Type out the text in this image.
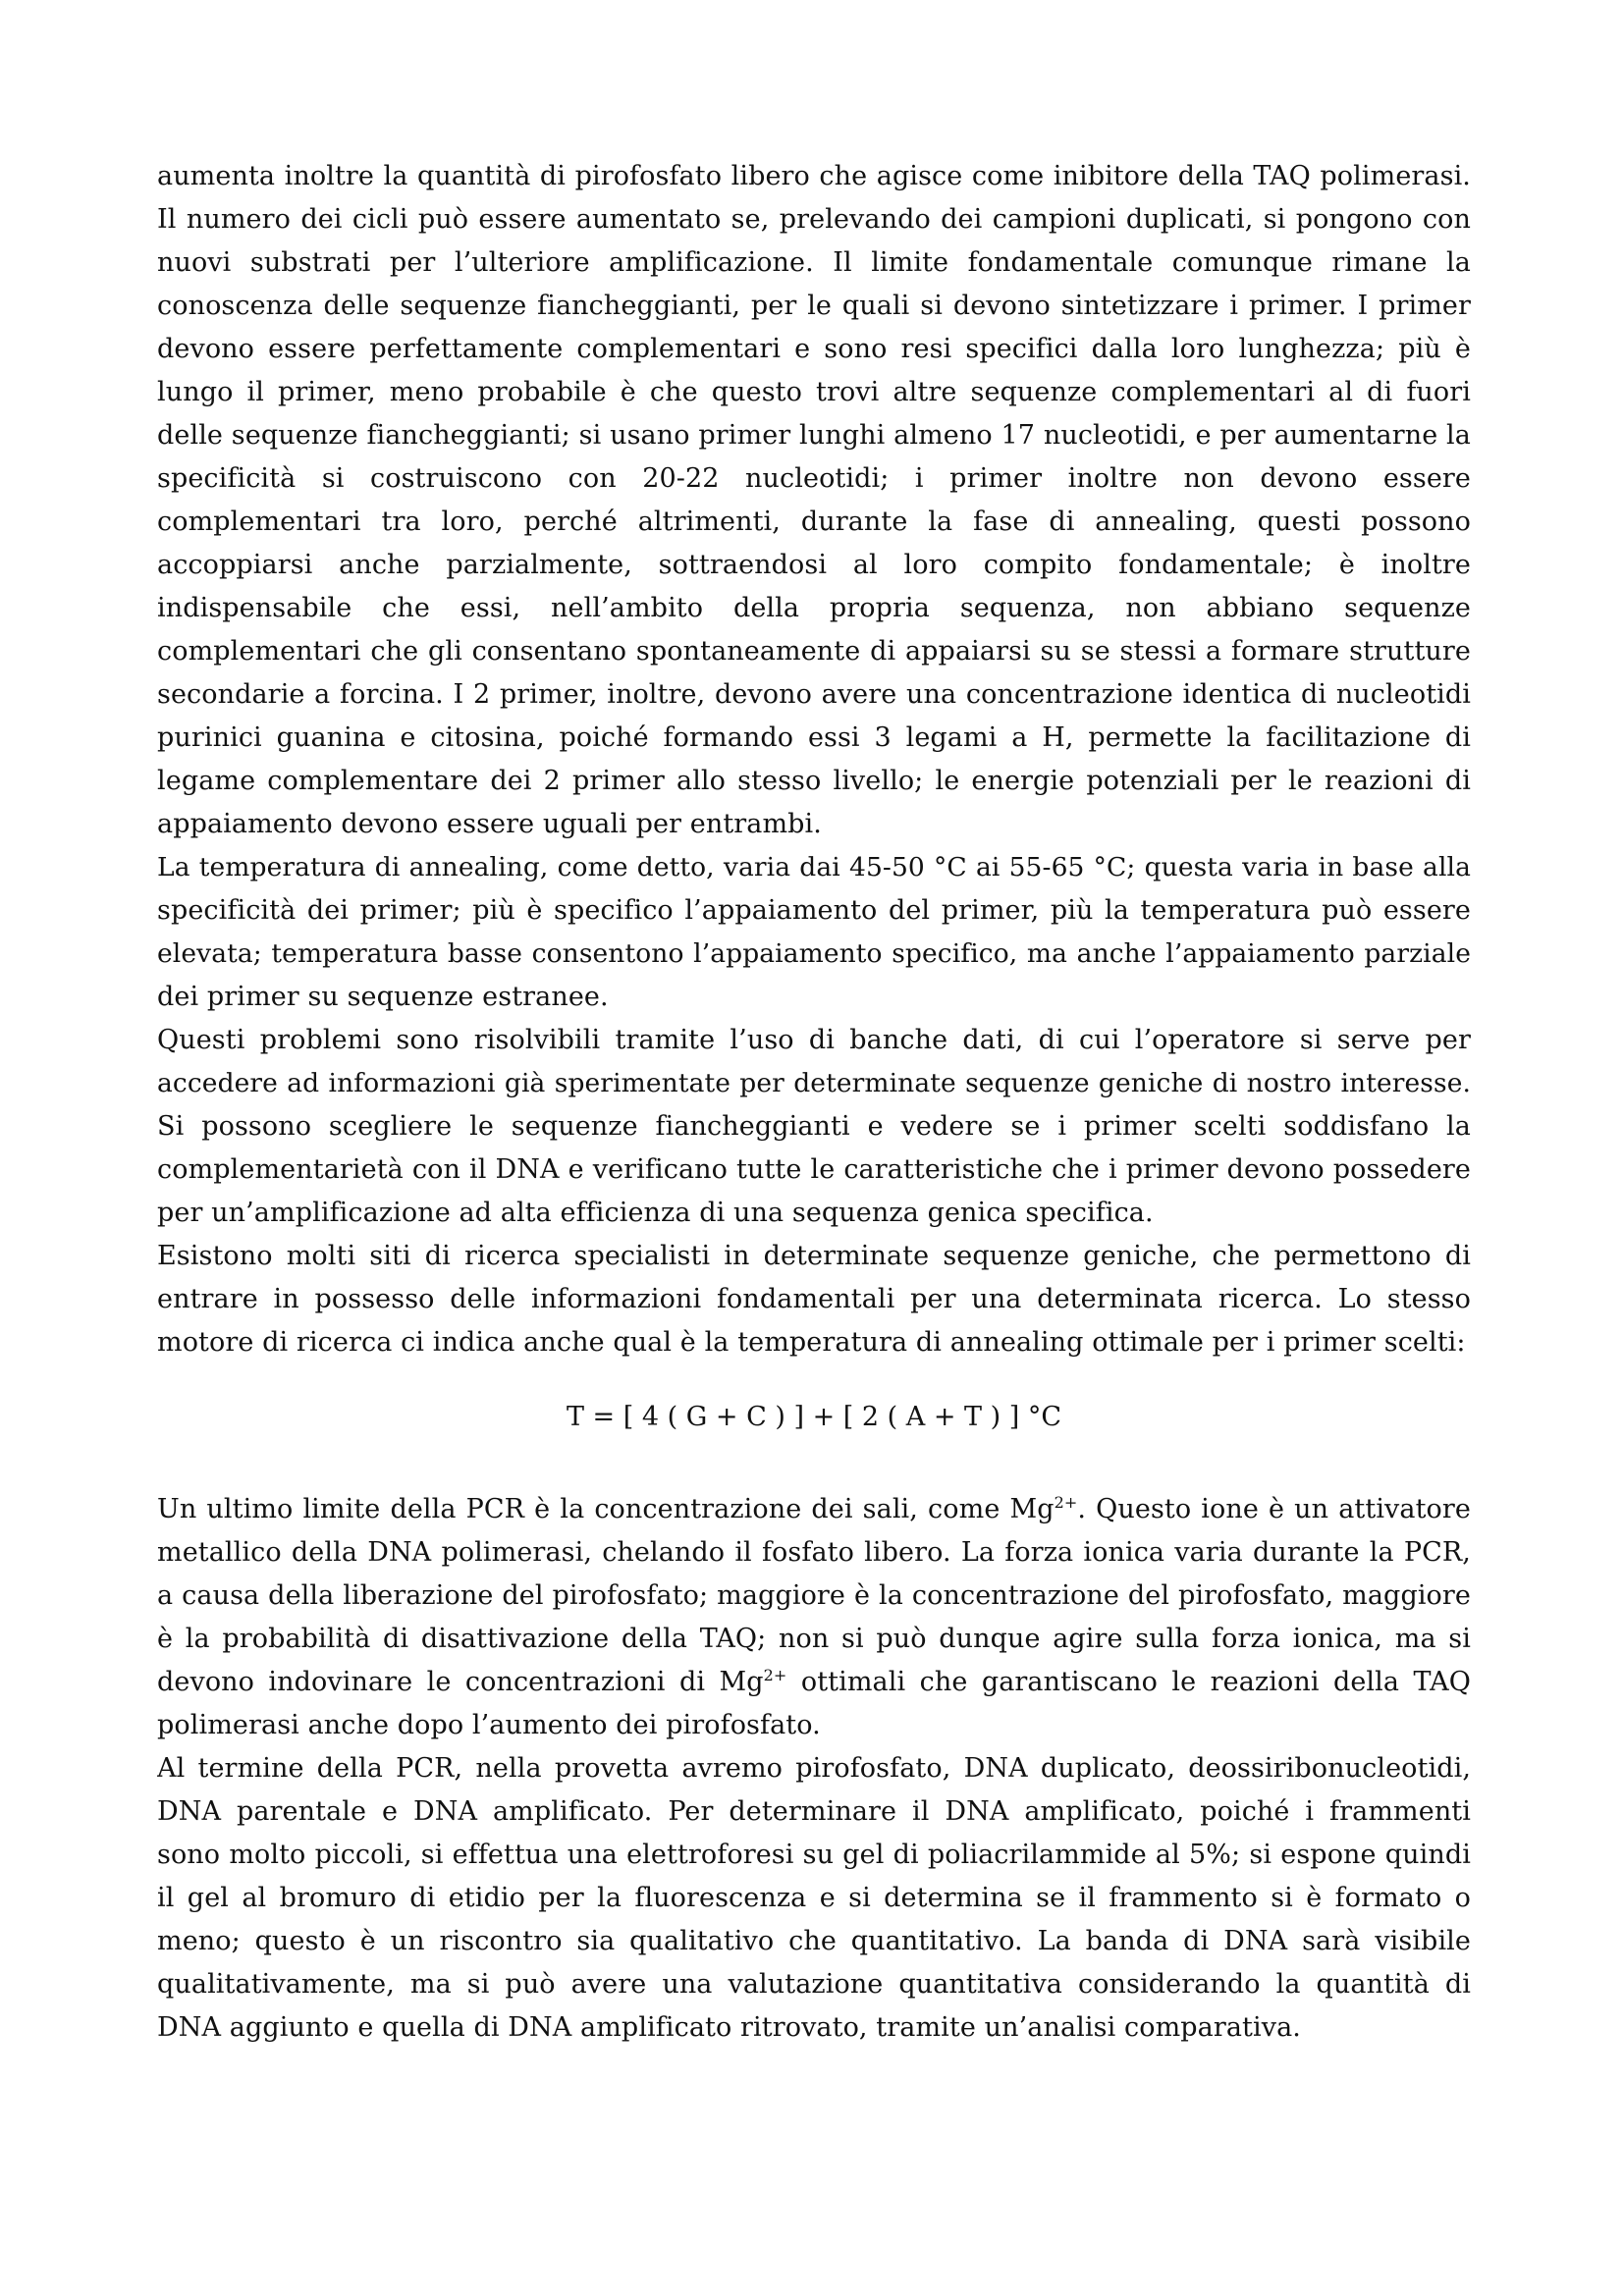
aumenta inoltre la quantità di pirofosfato libero che agisce come inibitore della TAQ polimerasi.
Il numero dei cicli può essere aumentato se, prelevando dei campioni duplicati, si pongono con
nuovi substrati per l’ulteriore amplificazione. Il limite fondamentale comunque rimane la
conoscenza delle sequenze fiancheggianti, per le quali si devono sintetizzare i primer. I primer
devono essere perfettamente complementari e sono resi specifici dalla loro lunghezza; più è
lungo il primer, meno probabile è che questo trovi altre sequenze complementari al di fuori
delle sequenze fiancheggianti; si usano primer lunghi almeno 17 nucleotidi, e per aumentarne la
specificità si costruiscono con 20-22 nucleotidi; i primer inoltre non devono essere
complementari tra loro, perché altrimenti, durante la fase di annealing, questi possono
accoppiarsi anche parzialmente, sottraendosi al loro compito fondamentale; è inoltre
indispensabile che essi, nell’ambito della propria sequenza, non abbiano sequenze
complementari che gli consentano spontaneamente di appaiarsi su se stessi a formare strutture
secondarie a forcina. I 2 primer, inoltre, devono avere una concentrazione identica di nucleotidi
purinici guanina e citosina, poiché formando essi 3 legami a H, permette la facilitazione di
legame complementare dei 2 primer allo stesso livello; le energie potenziali per le reazioni di
appaiamento devono essere uguali per entrambi.
La temperatura di annealing, come detto, varia dai 45-50 °C ai 55-65 °C; questa varia in base alla
specificità dei primer; più è specifico l’appaiamento del primer, più la temperatura può essere
elevata; temperatura basse consentono l’appaiamento specifico, ma anche l’appaiamento parziale
dei primer su sequenze estranee.
Questi problemi sono risolvibili tramite l’uso di banche dati, di cui l’operatore si serve per
accedere ad informazioni già sperimentate per determinate sequenze geniche di nostro interesse.
Si possono scegliere le sequenze fiancheggianti e vedere se i primer scelti soddisfano la
complementarietà con il DNA e verificano tutte le caratteristiche che i primer devono possedere
per un’amplificazione ad alta efficienza di una sequenza genica specifica.
Esistono molti siti di ricerca specialisti in determinate sequenze geniche, che permettono di
entrare in possesso delle informazioni fondamentali per una determinata ricerca. Lo stesso
motore di ricerca ci indica anche qual è la temperatura di annealing ottimale per i primer scelti:
T = [ 4 ( G + C ) ] + [ 2 ( A + T ) ] °C
Un ultimo limite della PCR è la concentrazione dei sali, come $Mg^{2+}$. Questo ione è un attivatore
metallico della DNA polimerasi, chelando il fosfato libero. La forza ionica varia durante la PCR,
a causa della liberazione del pirofosfato; maggiore è la concentrazione del pirofosfato, maggiore
è la probabilità di disattivazione della TAQ; non si può dunque agire sulla forza ionica, ma si
devono indovinare le concentrazioni di $Mg^{2+}$ ottimali che garantiscano le reazioni della TAQ
polimerasi anche dopo l’aumento dei pirofosfato.
Al termine della PCR, nella provetta avremo pirofosfato, DNA duplicato, deossiribonucleotidi,
DNA parentale e DNA amplificato. Per determinare il DNA amplificato, poiché i frammenti
sono molto piccoli, si effettua una elettroforesi su gel di poliacrilammide al 5%; si espone quindi
il gel al bromuro di etidio per la fluorescenza e si determina se il frammento si è formato o
meno; questo è un riscontro sia qualitativo che quantitativo. La banda di DNA sarà visibile
qualitativamente, ma si può avere una valutazione quantitativa considerando la quantità di
DNA aggiunto e quella di DNA amplificato ritrovato, tramite un’analisi comparativa.
